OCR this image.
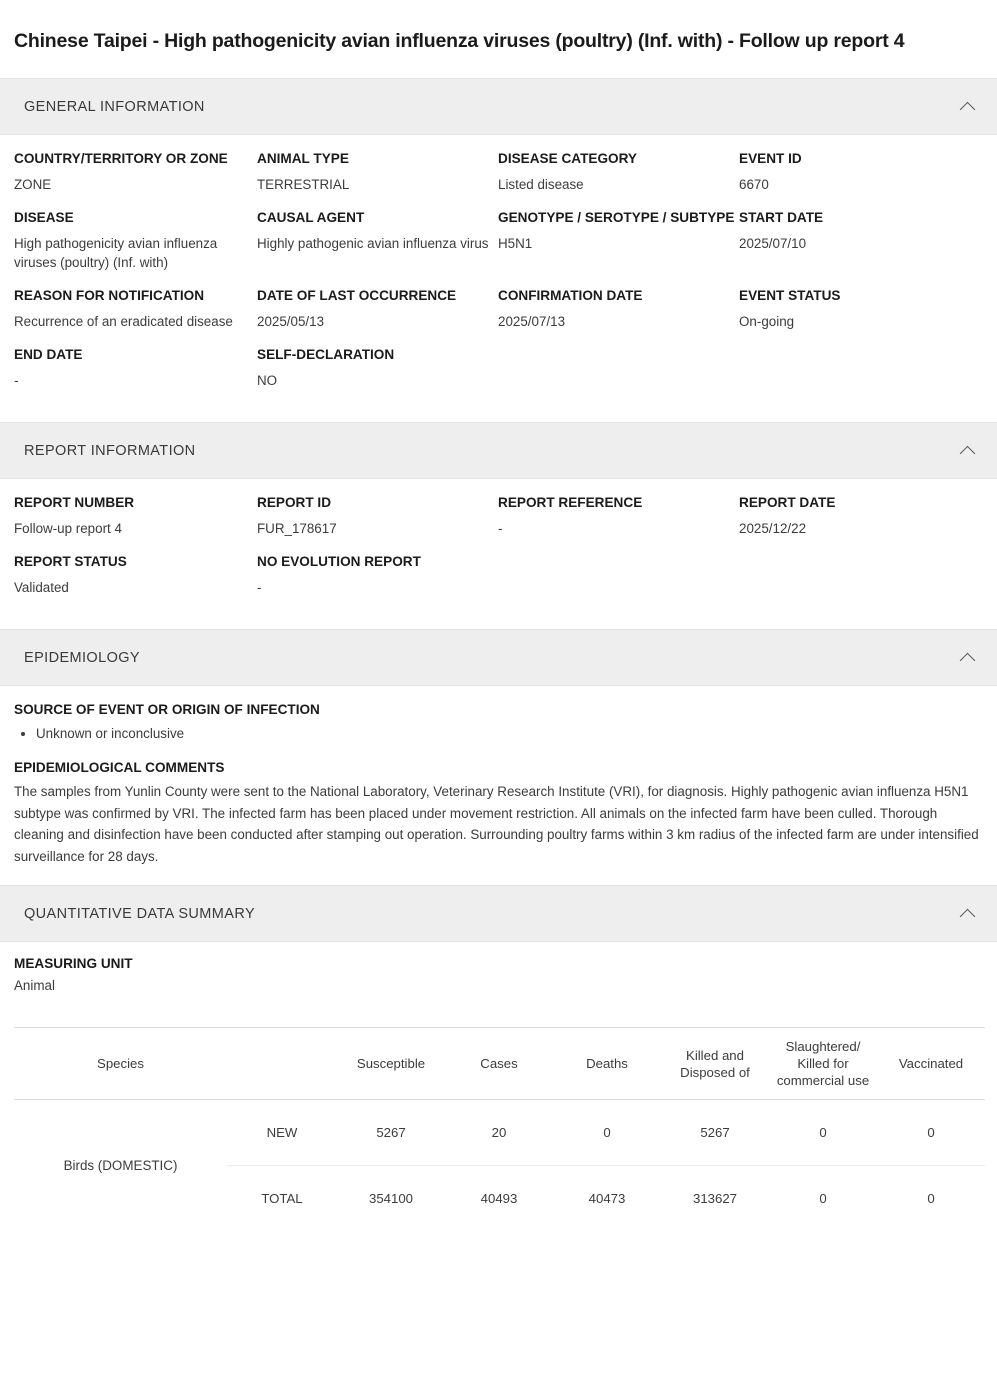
Chinese Taipei - High pathogenicity avian influenza viruses (poultry) (Inf. with) - Follow up report 4
GENERAL INFORMATION
COUNTRY/TERRITORY OR ZONE
ZONE
ANIMAL TYPE
TERRESTRIAL
DISEASE CATEGORY
Listed disease
EVENT ID
6670
DISEASE
High pathogenicity avian influenza viruses (poultry) (Inf. with)
CAUSAL AGENT
Highly pathogenic avian influenza virus
GENOTYPE / SEROTYPE / SUBTYPE
H5N1
START DATE
2025/07/10
REASON FOR NOTIFICATION
Recurrence of an eradicated disease
DATE OF LAST OCCURRENCE
2025/05/13
CONFIRMATION DATE
2025/07/13
EVENT STATUS
On-going
END DATE
-
SELF-DECLARATION
NO
REPORT INFORMATION
REPORT NUMBER
Follow-up report 4
REPORT ID
FUR_178617
REPORT REFERENCE
-
REPORT DATE
2025/12/22
REPORT STATUS
Validated
NO EVOLUTION REPORT
-
EPIDEMIOLOGY
SOURCE OF EVENT OR ORIGIN OF INFECTION
• Unknown or inconclusive
EPIDEMIOLOGICAL COMMENTS

The samples from Yunlin County were sent to the National Laboratory, Veterinary Research Institute (VRI), for diagnosis. Highly pathogenic avian influenza H5N1 subtype was confirmed by VRI. The infected farm has been placed under movement restriction. All animals on the infected farm have been culled. Thorough cleaning and disinfection have been conducted after stamping out operation. Surrounding poultry farms within 3 km radius of the infected farm are under intensified surveillance for 28 days.

QUANTITATIVE DATA SUMMARY
MEASURING UNIT
Animal
Species		Susceptible	Cases	Deaths	Killed and Disposed of	Slaughtered/ Killed for commercial use	Vaccinated
Birds (DOMESTIC)	NEW	5267	20	0	5267	0	0
	TOTAL	354100	40493	40473	313627	0	0
